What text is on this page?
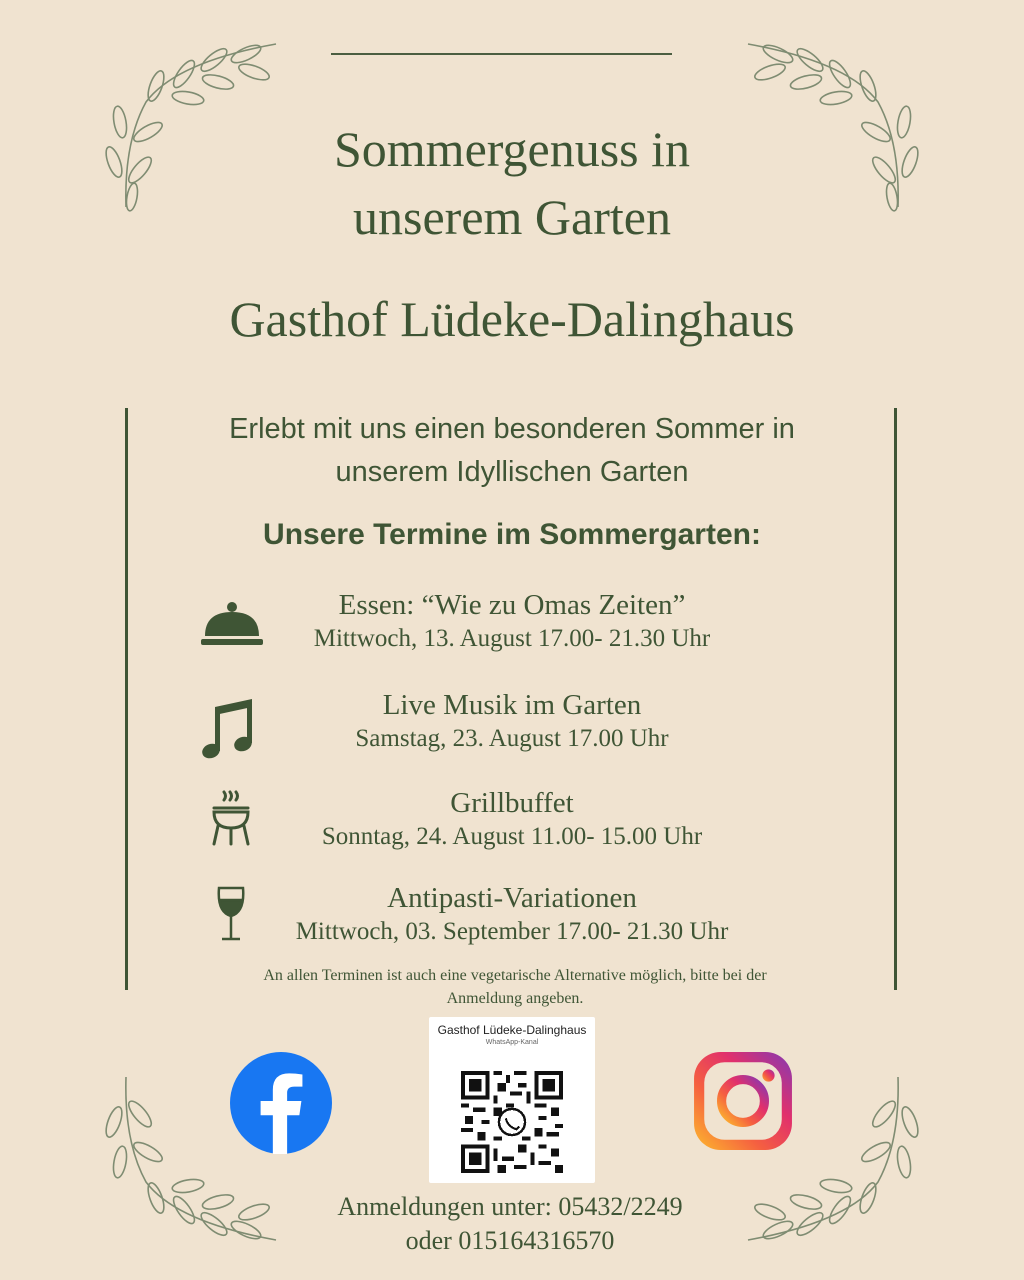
Sommergenuss in
unserem Garten
Gasthof Lüdeke-Dalinghaus
Erlebt mit uns einen besonderen Sommer in
unserem Idyllischen Garten
Unsere Termine im Sommergarten:
Essen: “Wie zu Omas Zeiten”
Mittwoch, 13. August 17.00- 21.30 Uhr
Live Musik im Garten
Samstag, 23. August 17.00 Uhr
Grillbuffet
Sonntag, 24. August 11.00- 15.00 Uhr
Antipasti-Variationen
Mittwoch, 03. September 17.00- 21.30 Uhr
An allen Terminen ist auch eine vegetarische Alternative möglich, bitte bei der
Anmeldung angeben.
Gasthof Lüdeke-Dalinghaus
WhatsApp-Kanal
Anmeldungen unter: 05432/2249
oder 015164316570
